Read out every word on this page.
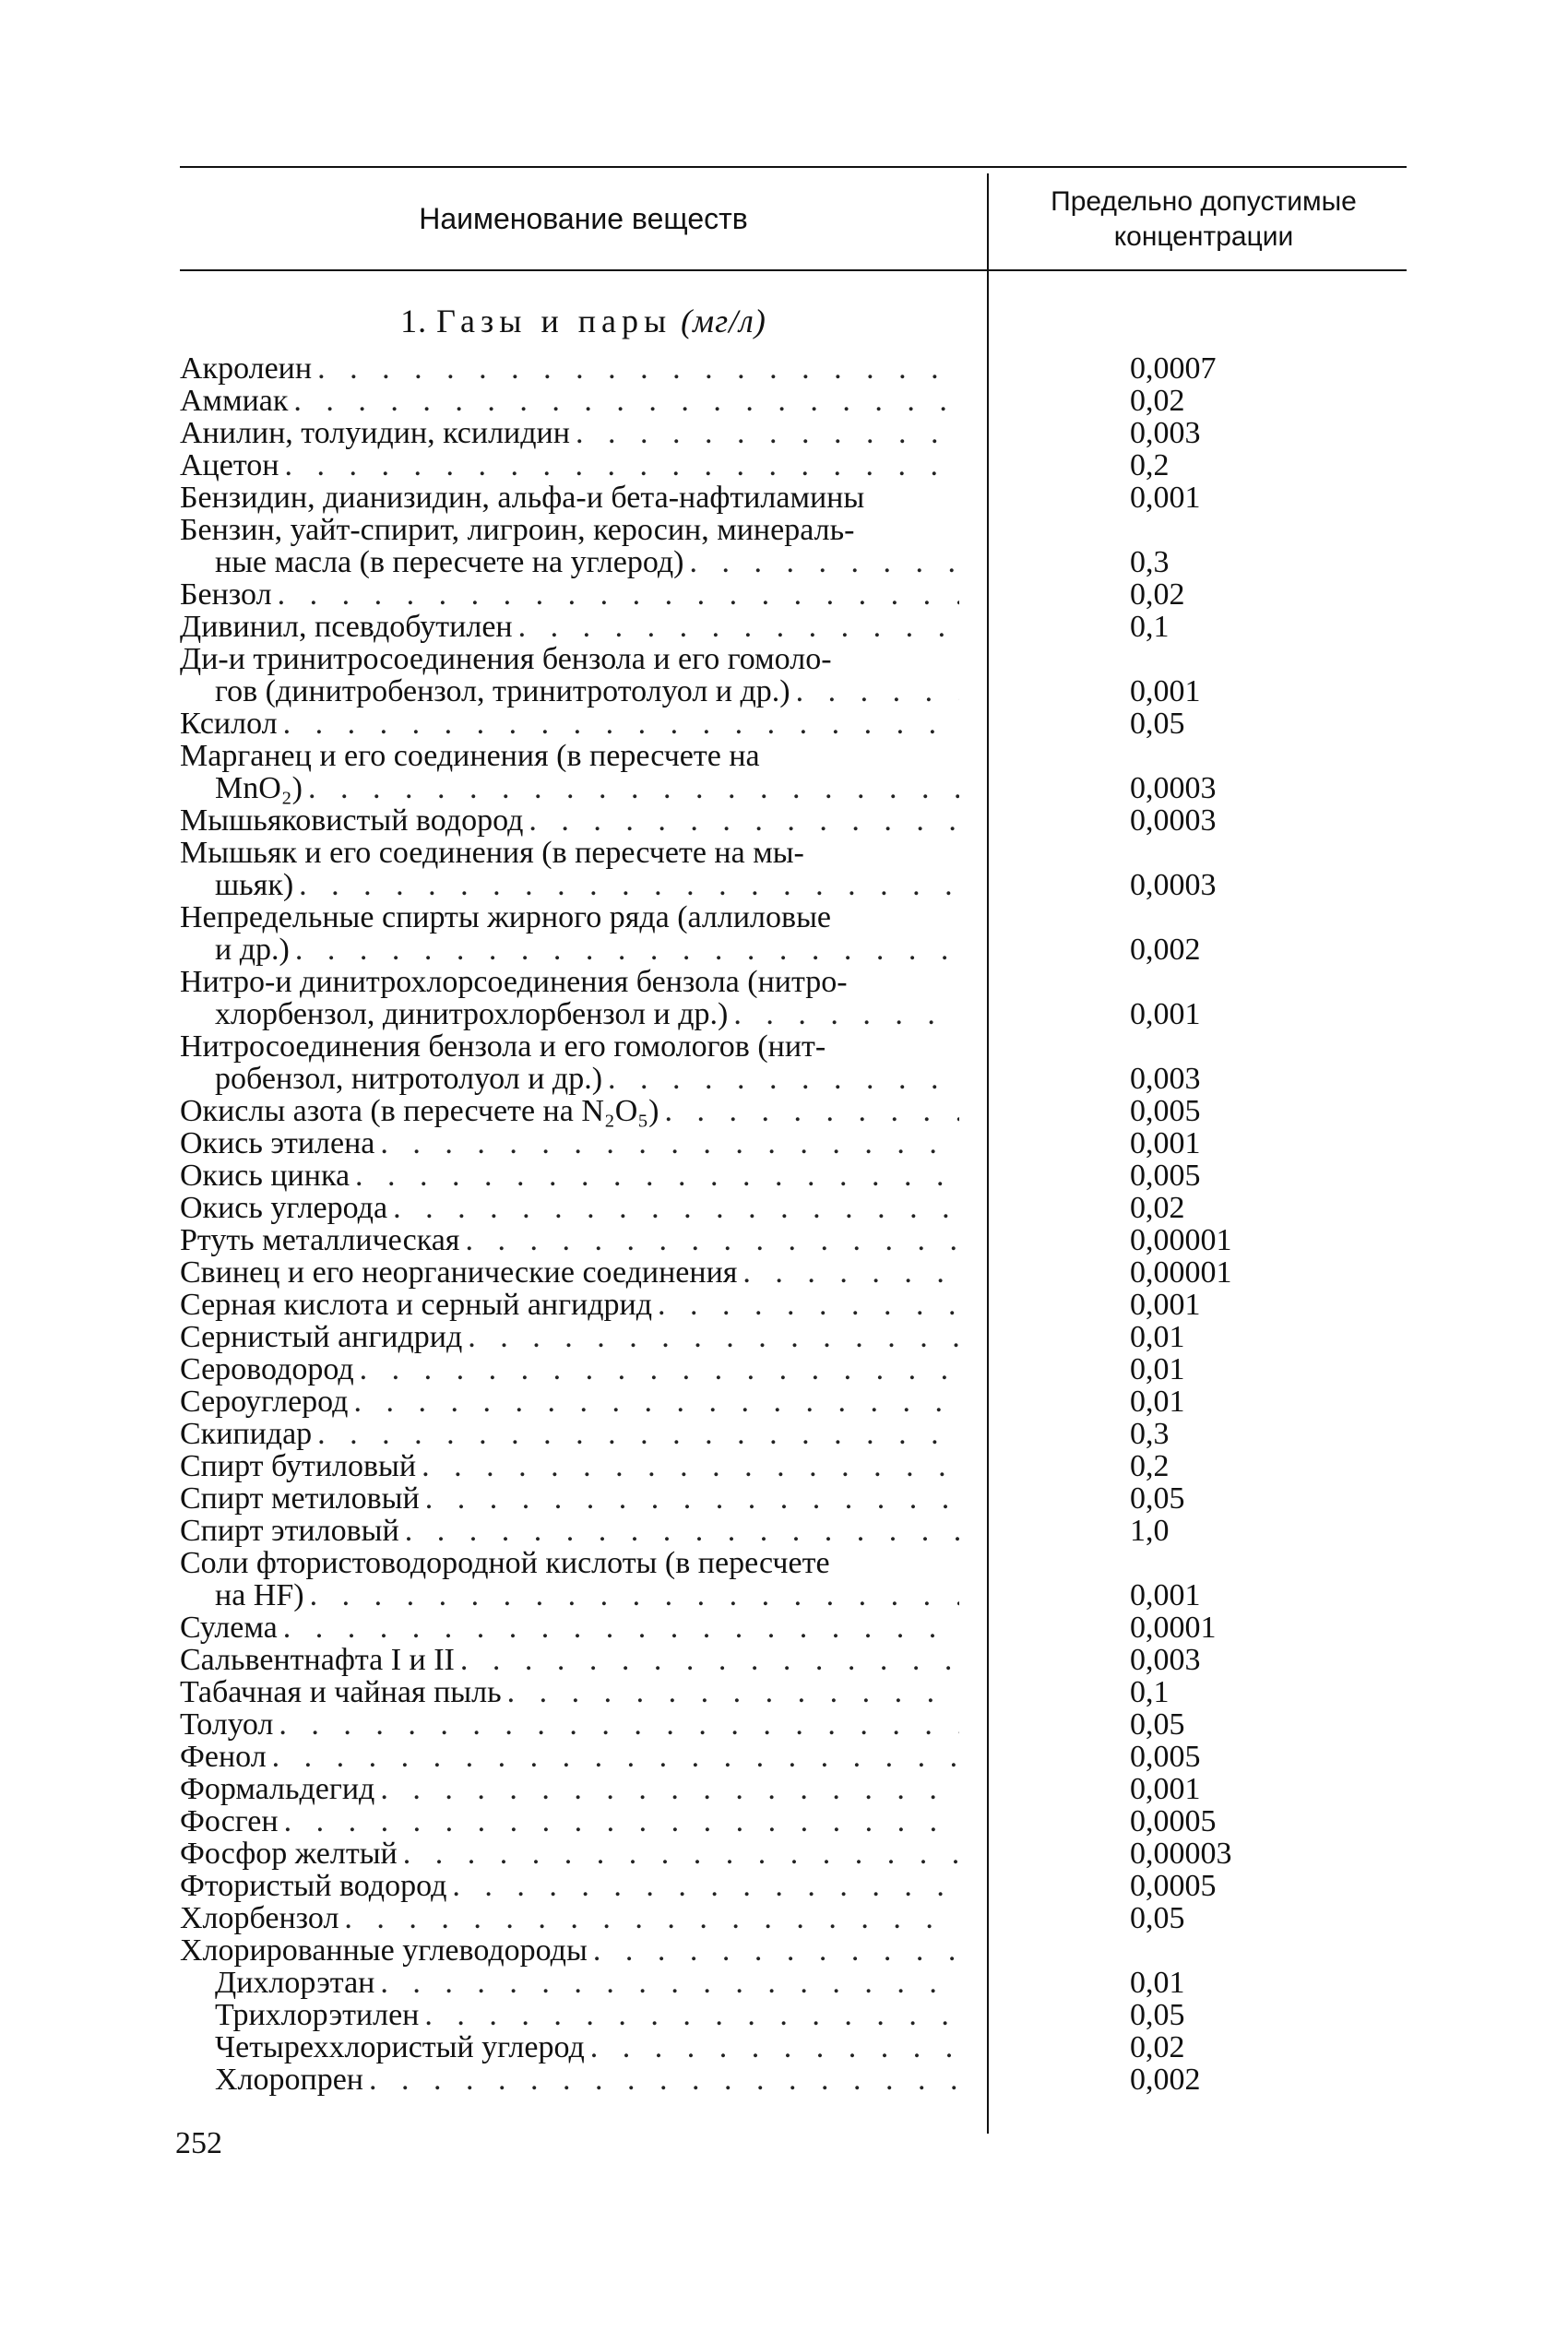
Наименование веществ
Предельно допустимые
концентрации
1. Газы и пары (мг/л)
Акролеин . . .	0,0007
Аммиак . . .	0,02
Анилин, толуидин, ксилидин . . .	0,003
Ацетон . . .	0,2
Бензидин, дианизидин, альфа-и бета-нафтиламины	0,001
Бензин, уайт-спирит, лигроин, керосин, минераль-
ные масла (в пересчете на углерод) . . .	0,3
Бензол . . .	0,02
Дивинил, псевдобутилен . . .	0,1
Ди-и тринитросоединения бензола и его гомоло-
гов (динитробензол, тринитротолуол и др.) . . .	0,001
Ксилол . . .	0,05
Марганец и его соединения (в пересчете на
MnO₂) . . .	0,0003
Мышьяковистый водород . . .	0,0003
Мышьяк и его соединения (в пересчете на мы-
шьяк) . . .	0,0003
Непредельные спирты жирного ряда (аллиловые
и др.) . . .	0,002
Нитро-и динитрохлорсоединения бензола (нитро-
хлорбензол, динитрохлорбензол и др.) . . .	0,001
Нитросоединения бензола и его гомологов (нит-
робензол, нитротолуол и др.) . . .	0,003
Окислы азота (в пересчете на N₂O₅) . . .	0,005
Окись этилена . . .	0,001
Окись цинка . . .	0,005
Окись углерода . . .	0,02
Ртуть металлическая . . .	0,00001
Свинец и его неорганические соединения . . .	0,00001
Серная кислота и серный ангидрид . . .	0,001
Сернистый ангидрид . . .	0,01
Сероводород . . .	0,01
Сероуглерод . . .	0,01
Скипидар . . .	0,3
Спирт бутиловый . . .	0,2
Спирт метиловый . . .	0,05
Спирт этиловый . . .	1,0
Соли фтористоводородной кислоты (в пересчете
на HF) . . .	0,001
Сулема . . .	0,0001
Сальвентнафта I и II . . .	0,003
Табачная и чайная пыль . . .	0,1
Толуол . . .	0,05
Фенол . . .	0,005
Формальдегид . . .	0,001
Фосген . . .	0,0005
Фосфор желтый . . .	0,00003
Фтористый водород . . .	0,0005
Хлорбензол . . .	0,05
Хлорированные углеводороды
. . .
Дихлорэтан . . .	0,01
Трихлорэтилен . . .	0,05
Четыреххлористый углерод . . .	0,02
Хлоропрен . . .	0,002
252
